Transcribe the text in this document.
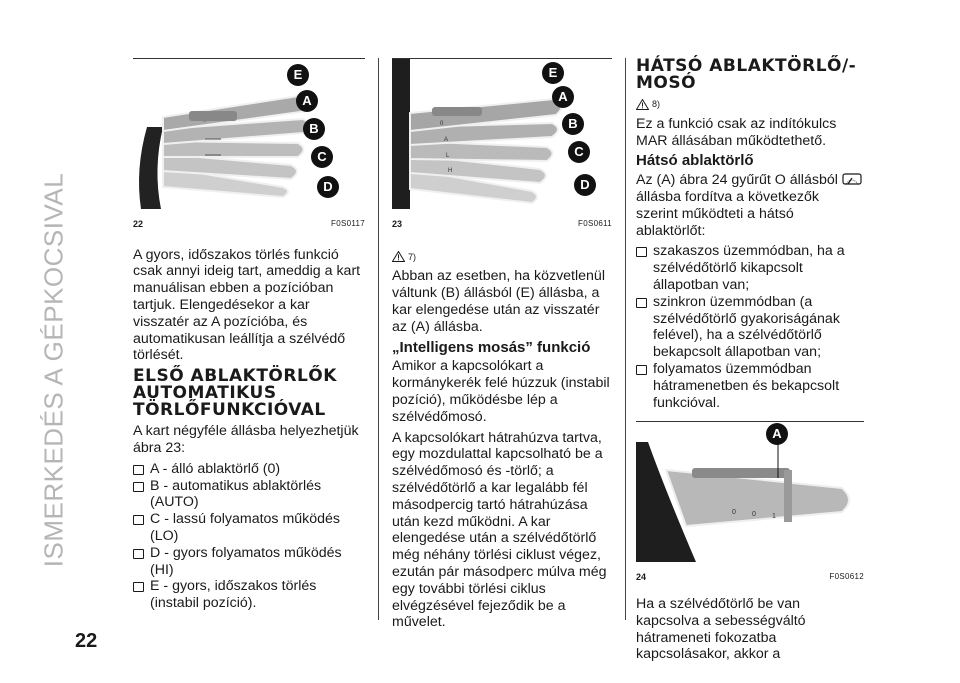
ISMERKEDÉS A GÉPKOCSIVAL
22
E
A
B
C
D
22	F0S0117

A gyors, időszakos törlés funkció csak annyi ideig tart, ameddig a kart manuálisan ebben a pozícióban tartjuk. Elengedésekor a kar visszatér az A pozícióba, és automatikusan leállítja a szélvédő törlését.

ELSŐ ABLAKTÖRLŐK AUTOMATIKUS TÖRLŐFUNKCIÓVAL

A kart négyféle állásba helyezhetjük ábra 23:

A - álló ablaktörlő (0)
B - automatikus ablaktörlés (AUTO)
C - lassú folyamatos működés (LO)
D - gyors folyamatos működés (HI)
E - gyors, időszakos törlés (instabil pozíció).
0
A
L
H
E
A
B
C
D
23	F0S0611
7)

Abban az esetben, ha közvetlenül váltunk (B) állásból (E) állásba, a kar elengedése után az visszatér az (A) állásba.

„Intelligens mosás” funkció

Amikor a kapcsolókart a kormánykerék felé húzzuk (instabil pozíció), működésbe lép a szélvédőmosó.

A kapcsolókart hátrahúzva tartva, egy mozdulattal kapcsolható be a szélvédőmosó és -törlő; a szélvédőtörlő a kar legalább fél másodpercig tartó hátrahúzása után kezd működni. A kar elengedése után a szélvédőtörlő még néhány törlési ciklust végez, ezután pár másodperc múlva még egy további törlési ciklus elvégzésével fejeződik be a művelet.

HÁTSÓ ABLAKTÖRLŐ/-MOSÓ
8)

Ez a funkció csak az indítókulcs MAR állásában működtethető.

Hátsó ablaktörlő

Az (A) ábra 24 gyűrűt O állásból

állásba fordítva a következők szerint működteti a hátsó ablaktörlőt:

szakaszos üzemmódban, ha a szélvédőtörlő kikapcsolt állapotban van;
szinkron üzemmódban (a szélvédőtörlő gyakoriságának felével), ha a szélvédőtörlő bekapcsolt állapotban van;
folyamatos üzemmódban hátramenetben és bekapcsolt funkcióval.
0 0 1
A
24	F0S0612

Ha a szélvédőtörlő be van kapcsolva a sebességváltó hátrameneti fokozatba kapcsolásakor, akkor a
